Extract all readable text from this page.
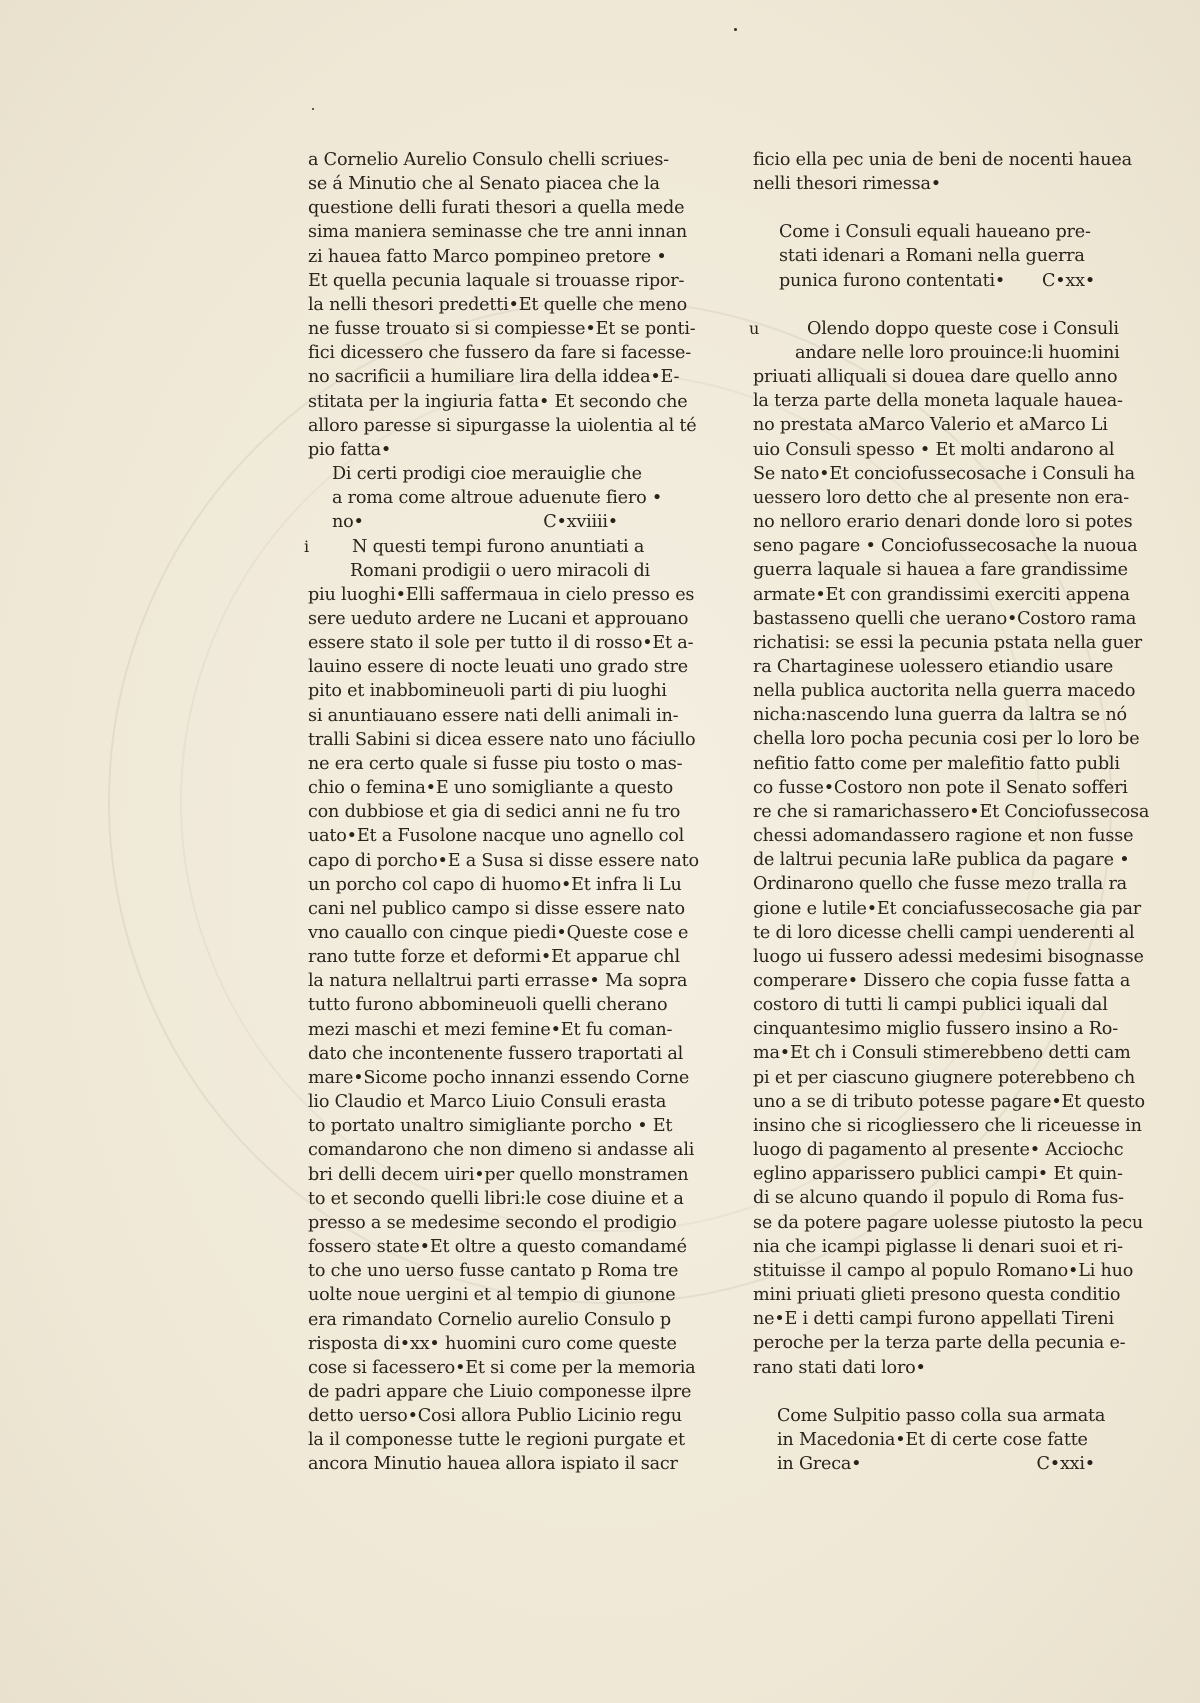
a Cornelio Aurelio Consulo chelli scriues-
se á Minutio che al Senato piacea che la
questione delli furati thesori a quella mede
sima maniera seminasse che tre anni innan
zi hauea fatto Marco pompineo pretore •
Et quella pecunia laquale si trouasse ripor-
la nelli thesori predetti•Et quelle che meno
ne fusse trouato si si compiesse•Et se ponti-
fici dicessero che fussero da fare si facesse-
no sacrificii a humiliare lira della iddea•E-
stitata per la ingiuria fatta• Et secondo che
alloro paresse si sipurgasse la uiolentia al té
pio fatta•
Di certi prodigi cioe merauiglie che
a roma come altroue aduenute fiero •
no•	C•xviiii•
i N questi tempi furono anuntiati a
Romani prodigii o uero miracoli di
piu luoghi•Elli saffermaua in cielo presso es
sere ueduto ardere ne Lucani et approuano
essere stato il sole per tutto il di rosso•Et a-
lauino essere di nocte leuati uno grado stre
pito et inabbomineuoli parti di piu luoghi
si anuntiauano essere nati delli animali in-
tralli Sabini si dicea essere nato uno fáciullo
ne era certo quale si fusse piu tosto o mas-
chio o femina•E uno somigliante a questo
con dubbiose et gia di sedici anni ne fu tro
uato•Et a Fusolone nacque uno agnello col
capo di porcho•E a Susa si disse essere nato
un porcho col capo di huomo•Et infra li Lu
cani nel publico campo si disse essere nato
vno cauallo con cinque piedi•Queste cose e
rano tutte forze et deformi•Et apparue chl
la natura nellaltrui parti errasse• Ma sopra
tutto furono abbomineuoli quelli cherano
mezi maschi et mezi femine•Et fu coman-
dato che incontenente fussero traportati al
mare•Sicome pocho innanzi essendo Corne
lio Claudio et Marco Liuio Consuli erasta
to portato unaltro simigliante porcho • Et
comandarono che non dimeno si andasse ali
bri delli decem uiri•per quello monstramen
to et secondo quelli libri:le cose diuine et a
presso a se medesime secondo el prodigio
fossero state•Et oltre a questo comandamé
to che uno uerso fusse cantato p Roma tre
uolte noue uergini et al tempio di giunone
era rimandato Cornelio aurelio Consulo p
risposta di•xx• huomini curo come queste
cose si facessero•Et si come per la memoria
de padri appare che Liuio componesse ilpre
detto uerso•Cosi allora Publio Licinio regu
la il componesse tutte le regioni purgate et
ancora Minutio hauea allora ispiato il sacr
ficio ella pec unia de beni de nocenti hauea
nelli thesori rimessa•
Come i Consuli equali haueano pre-
stati idenari a Romani nella guerra
punica furono contentati• C•xx•
u	Olendo doppo queste cose i Consuli
andare nelle loro prouince:li huomini
priuati alliquali si douea dare quello anno
la terza parte della moneta laquale hauea-
no prestata aMarco Valerio et aMarco Li
uio Consuli spesso • Et molti andarono al
Se nato•Et conciofussecosache i Consuli ha
uessero loro detto che al presente non era-
no nelloro erario denari donde loro si potes
seno pagare • Conciofussecosache la nuoua
guerra laquale si hauea a fare grandissime
armate•Et con grandissimi exerciti appena
bastasseno quelli che uerano•Costoro rama
richatisi: se essi la pecunia pstata nella guer
ra Chartaginese uolessero etiandio usare
nella publica auctorita nella guerra macedo
nicha:nascendo luna guerra da laltra se nó
chella loro pocha pecunia cosi per lo loro be
nefitio fatto come per malefitio fatto publi
co fusse•Costoro non pote il Senato sofferi
re che si ramarichassero•Et Conciofussecosa
chessi adomandassero ragione et non fusse
de laltrui pecunia laRe publica da pagare •
Ordinarono quello che fusse mezo tralla ra
gione e lutile•Et conciafussecosache gia par
te di loro dicesse chelli campi uenderenti al
luogo ui fussero adessi medesimi bisognasse
comperare• Dissero che copia fusse fatta a
costoro di tutti li campi publici iquali dal
cinquantesimo miglio fussero insino a Ro-
ma•Et ch i Consuli stimerebbeno detti cam
pi et per ciascuno giugnere poterebbeno ch
uno a se di tributo potesse pagare•Et questo
insino che si ricogliessero che li riceuesse in
luogo di pagamento al presente• Acciochc
eglino apparissero publici campi• Et quin-
di se alcuno quando il populo di Roma fus-
se da potere pagare uolesse piutosto la pecu
nia che icampi piglasse li denari suoi et ri-
stituisse il campo al populo Romano•Li huo
mini priuati glieti presono questa conditio
ne•E i detti campi furono appellati Tireni
peroche per la terza parte della pecunia e-
rano stati dati loro•
Come Sulpitio passo colla sua armata
in Macedonia•Et di certe cose fatte
in Greca•	C•xxi•
